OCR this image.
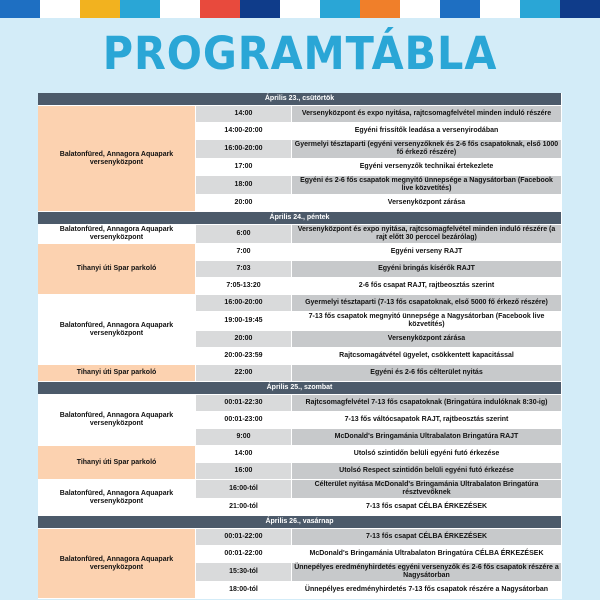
PROGRAMTÁBLA
Április 23., csütörtök		

Balatonfüred, Annagora Aquapark versenyközpont	14:00	Versenyközpont és expo nyitása, rajtcsomagfelvétel minden induló részére

	14:00-20:00	Egyéni frissítők leadása a versenyirodában

	16:00-20:00	Gyermelyi tésztaparti (egyéni versenyzőknek és 2-6 fős csapatoknak, első 1000 fő érkező részére)

	17:00	Egyéni versenyzők technikai értekezlete

	18:00	Egyéni és 2-6 fős csapatok megnyitó ünnepsége a Nagysátorban (Facebook live közvetítés)

	20:00	Versenyközpont zárása

Április 24., péntek		

Balatonfüred, Annagora Aquapark versenyközpont	6:00	Versenyközpont és expo nyitása, rajtcsomagfelvétel minden induló részére (a rajt előtt 30 perccel bezárólag)

Tihanyi úti Spar parkoló	7:00	Egyéni verseny RAJT

	7:03	Egyéni bringás kísérők RAJT

	7:05-13:20	2-6 fős csapat RAJT, rajtbeosztás szerint

Balatonfüred, Annagora Aquapark versenyközpont	16:00-20:00	Gyermelyi tésztaparti (7-13 fős csapatoknak, első 5000 fő érkező részére)

	19:00-19:45	7-13 fős csapatok megnyitó ünnepsége a Nagysátorban (Facebook live közvetítés)

	20:00	Versenyközpont zárása

	20:00-23:59	Rajtcsomagátvétel ügyelet, csökkentett kapacitással

Tihanyi úti Spar parkoló	22:00	Egyéni és 2-6 fős célterület nyitás

Április 25., szombat		

Balatonfüred, Annagora Aquapark versenyközpont	00:01-22:30	Rajtcsomagfelvétel 7-13 fős csapatoknak (Bringatúra indulóknak 8:30-ig)

	00:01-23:00	7-13 fős váltócsapatok RAJT, rajtbeosztás szerint

	9:00	McDonald's Bringamánia Ultrabalaton Bringatúra RAJT

Tihanyi úti Spar parkoló	14:00	Utolsó szintidőn belüli egyéni futó érkezése

	16:00	Utolsó Respect szintidőn belüli egyéni futó érkezése

Balatonfüred, Annagora Aquapark versenyközpont	16:00-tól	Célterület nyitása McDonald's Bringamánia Ultrabalaton Bringatúra résztvevőknek

	21:00-tól	7-13 fős csapat CÉLBA ÉRKEZÉSEK

Április 26., vasárnap		

Balatonfüred, Annagora Aquapark versenyközpont	00:01-22:00	7-13 fős csapat CÉLBA ÉRKEZÉSEK

	00:01-22:00	McDonald's Bringamánia Ultrabalaton Bringatúra CÉLBA ÉRKEZÉSEK

	15:30-tól	Ünnepélyes eredményhirdetés egyéni versenyzők és 2-6 fős csapatok részére a Nagysátorban

	18:00-tól	Ünnepélyes eredményhirdetés 7-13 fős csapatok részére a Nagysátorban
